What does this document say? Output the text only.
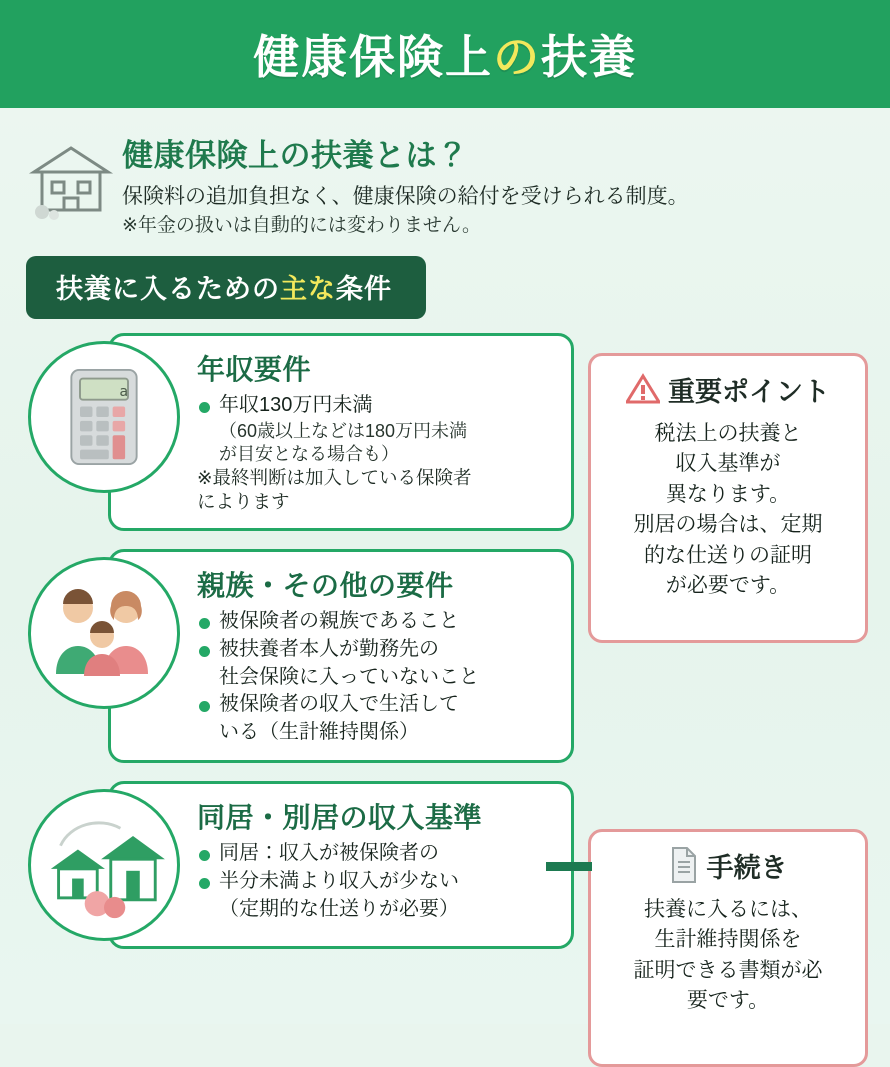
健康保険上の扶養
健康保険上の扶養とは？
保険料の追加負担なく、健康保険の給付を受けられる制度。
※年金の扱いは自動的には変わりません。
扶養に入るための主な条件
a
年収要件
年収130万円未満
（60歳以上などは180万円未満
が目安となる場合も）
※最終判断は加入している保険者
によります
親族・その他の要件
被保険者の親族であること
被扶養者本人が勤務先の
社会保険に入っていないこと
被保険者の収入で生活して
いる（生計維持関係）
同居・別居の収入基準
同居：収入が被保険者の
半分未満より収入が少ない
（定期的な仕送りが必要）
重要ポイント
税法上の扶養と
収入基準が
異なります。
別居の場合は、定期
的な仕送りの証明
が必要です。
手続き
扶養に入るには、
生計維持関係を
証明できる書類が必
要です。
